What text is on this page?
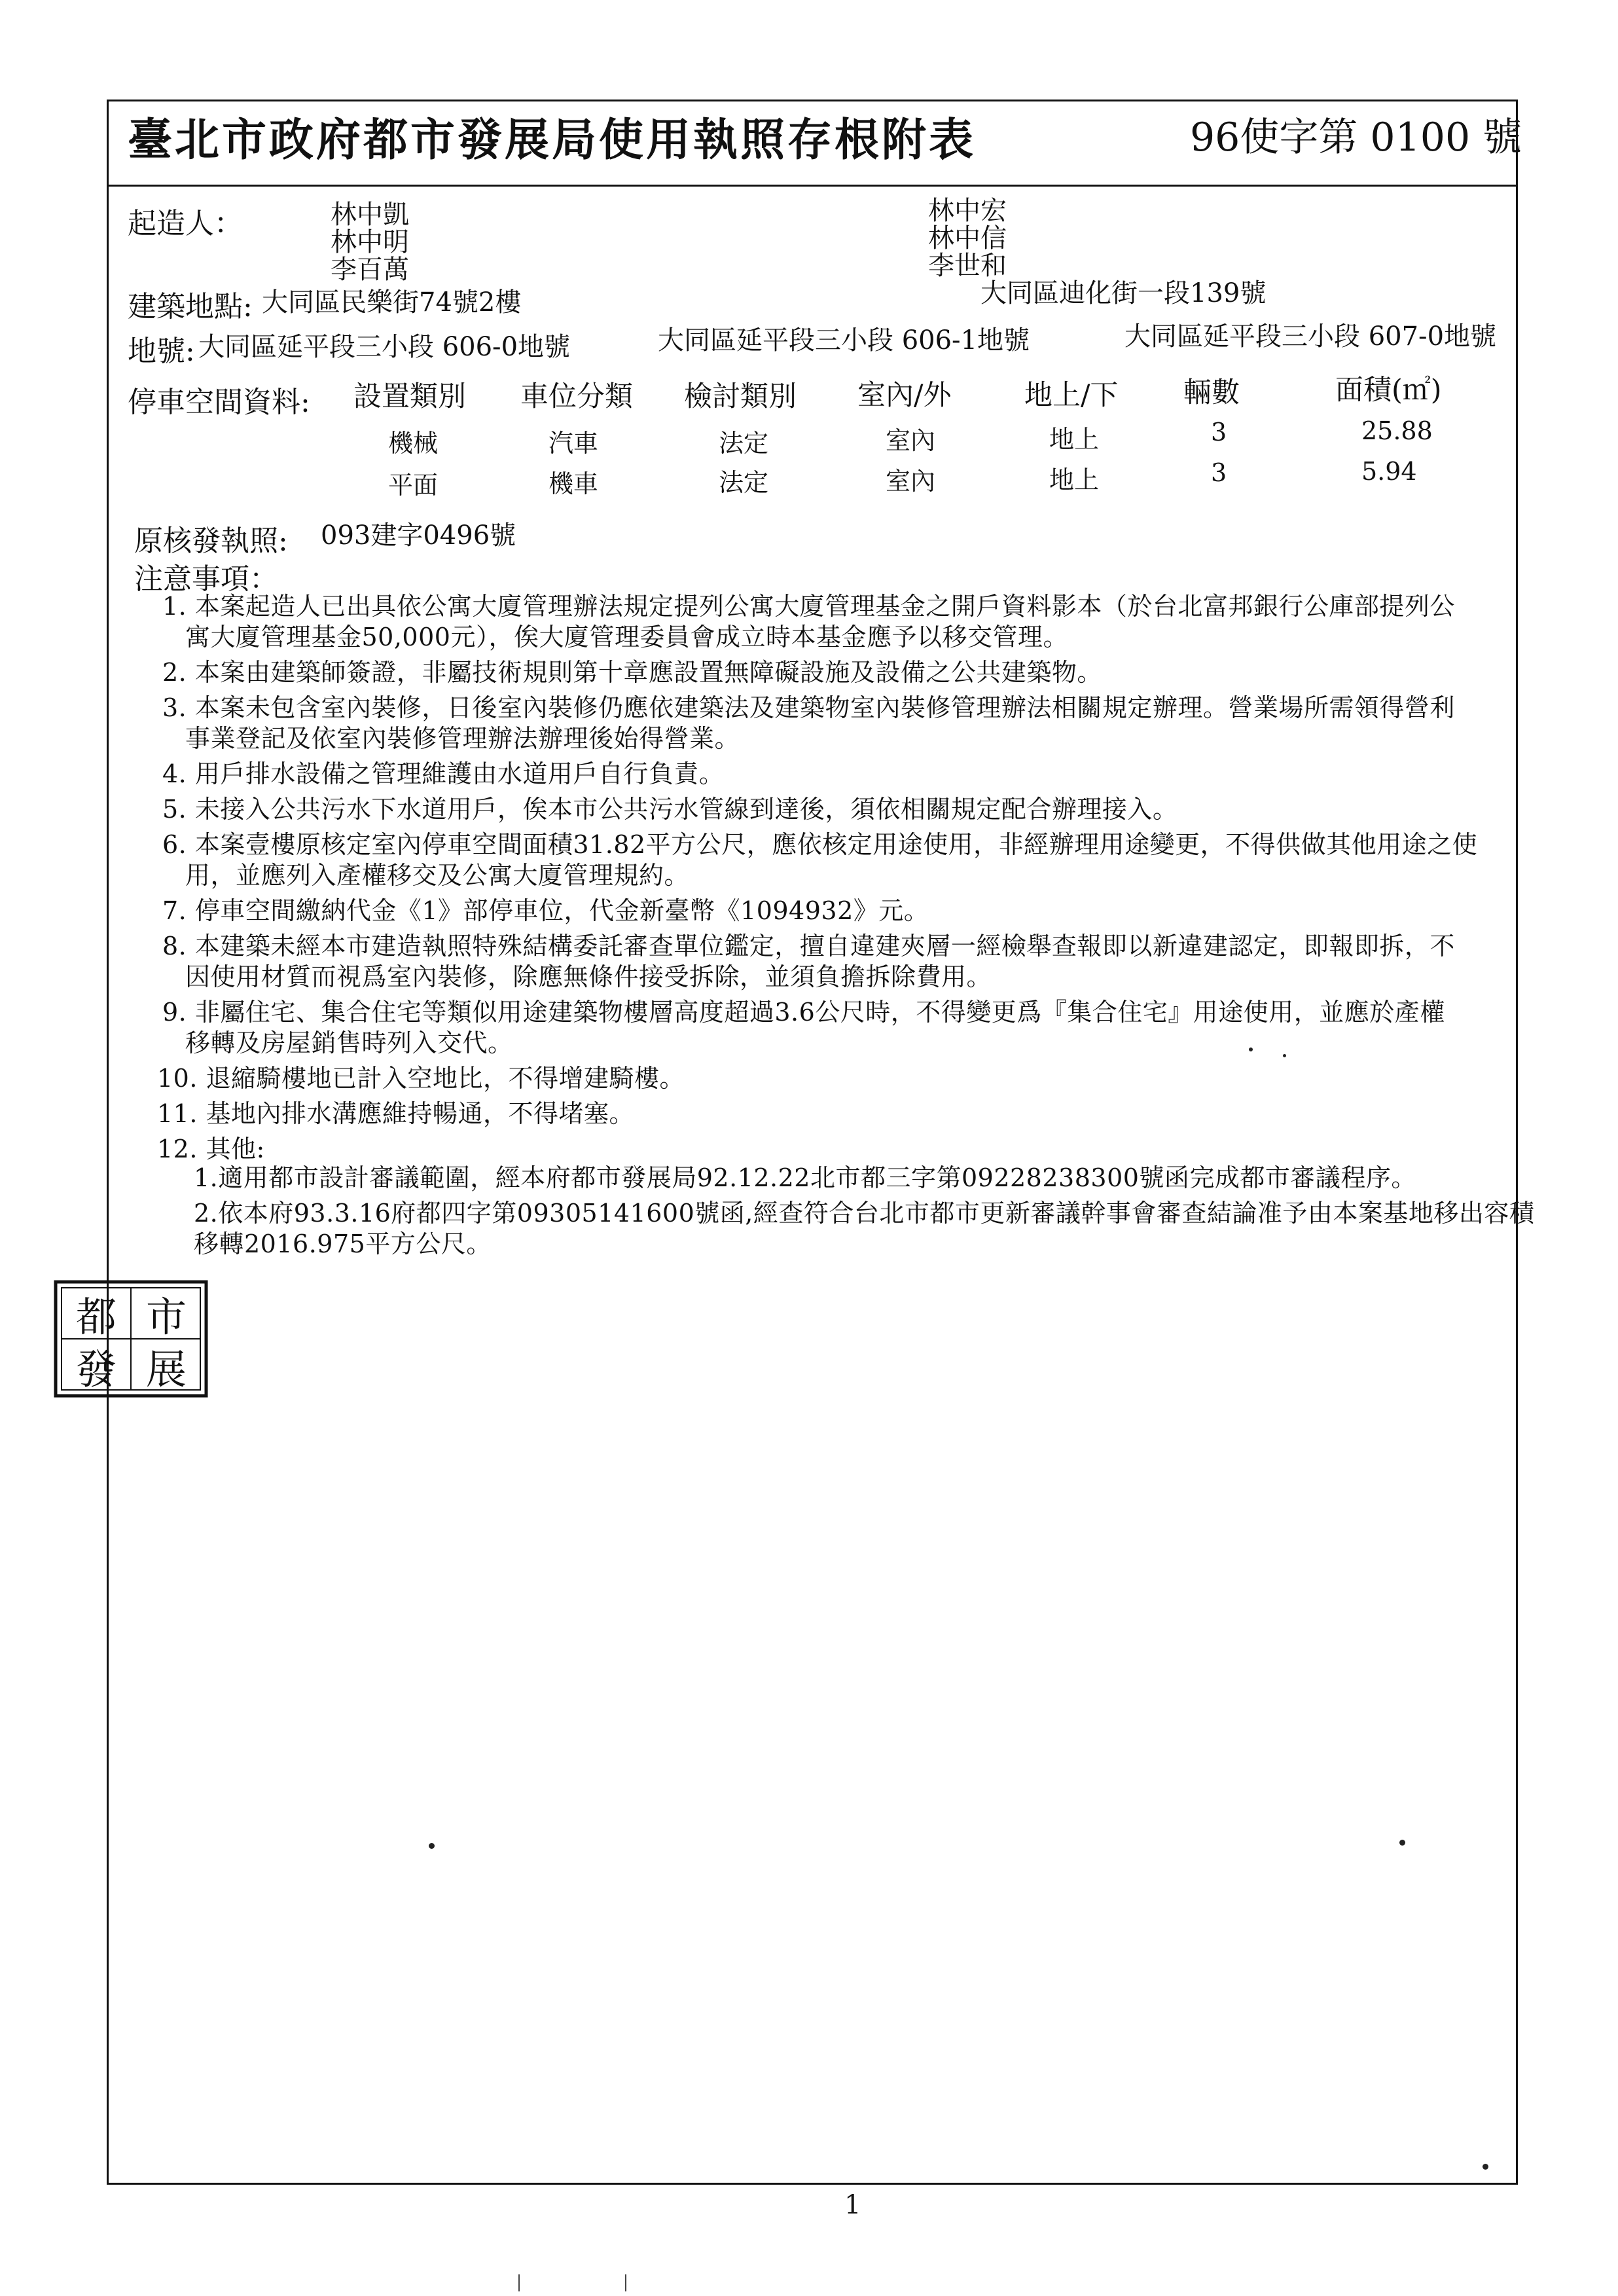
臺北市政府都市發展局使用執照存根附表	96使字第 0100 號
起造人：	林中凱
林中明
李百萬
林中宏
林中信
李世和
建築地點: 大同區民樂街74號2樓	大同區迪化街一段139號
地號: 大同區延平段三小段 606-0地號	大同區延平段三小段 606-1地號	大同區延平段三小段 607-0地號
停車空間資料: 設置類別 車位分類 檢討類別 室內/外	地上/下 輛數	面積(㎡)
機械	汽車	法定	室內	地上	3	25.88
平面	機車	法定	室內	地上	3	5.94
原核發執照: 093建字0496號
注意事項：
1. 本案起造人已出具依公寓大廈管理辦法規定提列公寓大廈管理基金之開戶資料影本（於台北富邦銀行公庫部提列公
寓大廈管理基金50,000元），俟大廈管理委員會成立時本基金應予以移交管理。
2. 本案由建築師簽證，非屬技術規則第十章應設置無障礙設施及設備之公共建築物。
3. 本案未包含室內裝修，日後室內裝修仍應依建築法及建築物室內裝修管理辦法相關規定辦理。營業場所需領得營利
事業登記及依室內裝修管理辦法辦理後始得營業。
4. 用戶排水設備之管理維護由水道用戶自行負責。
5. 未接入公共污水下水道用戶，俟本市公共污水管線到達後，須依相關規定配合辦理接入。
6. 本案壹樓原核定室內停車空間面積31.82平方公尺，應依核定用途使用，非經辦理用途變更，不得供做其他用途之使
用，並應列入產權移交及公寓大廈管理規約。
7. 停車空間繳納代金《1》部停車位，代金新臺幣《1094932》元。
8. 本建築未經本市建造執照特殊結構委託審查單位鑑定，擅自違建夾層一經檢舉查報即以新違建認定，即報即拆，不
因使用材質而視爲室內裝修，除應無條件接受拆除，並須負擔拆除費用。
9. 非屬住宅、集合住宅等類似用途建築物樓層高度超過3.6公尺時，不得變更爲『集合住宅』用途使用，並應於產權
移轉及房屋銷售時列入交代。
10. 退縮騎樓地已計入空地比，不得增建騎樓。
11. 基地內排水溝應維持暢通，不得堵塞。
12. 其他:
1.適用都市設計審議範圍，經本府都市發展局92.12.22北市都三字第09228238300號函完成都市審議程序。
2.依本府93.3.16府都四字第09305141600號函,經查符合台北市都市更新審議幹事會審查結論准予由本案基地移出容積
移轉2016.975平方公尺。
都 市
發 展
1
